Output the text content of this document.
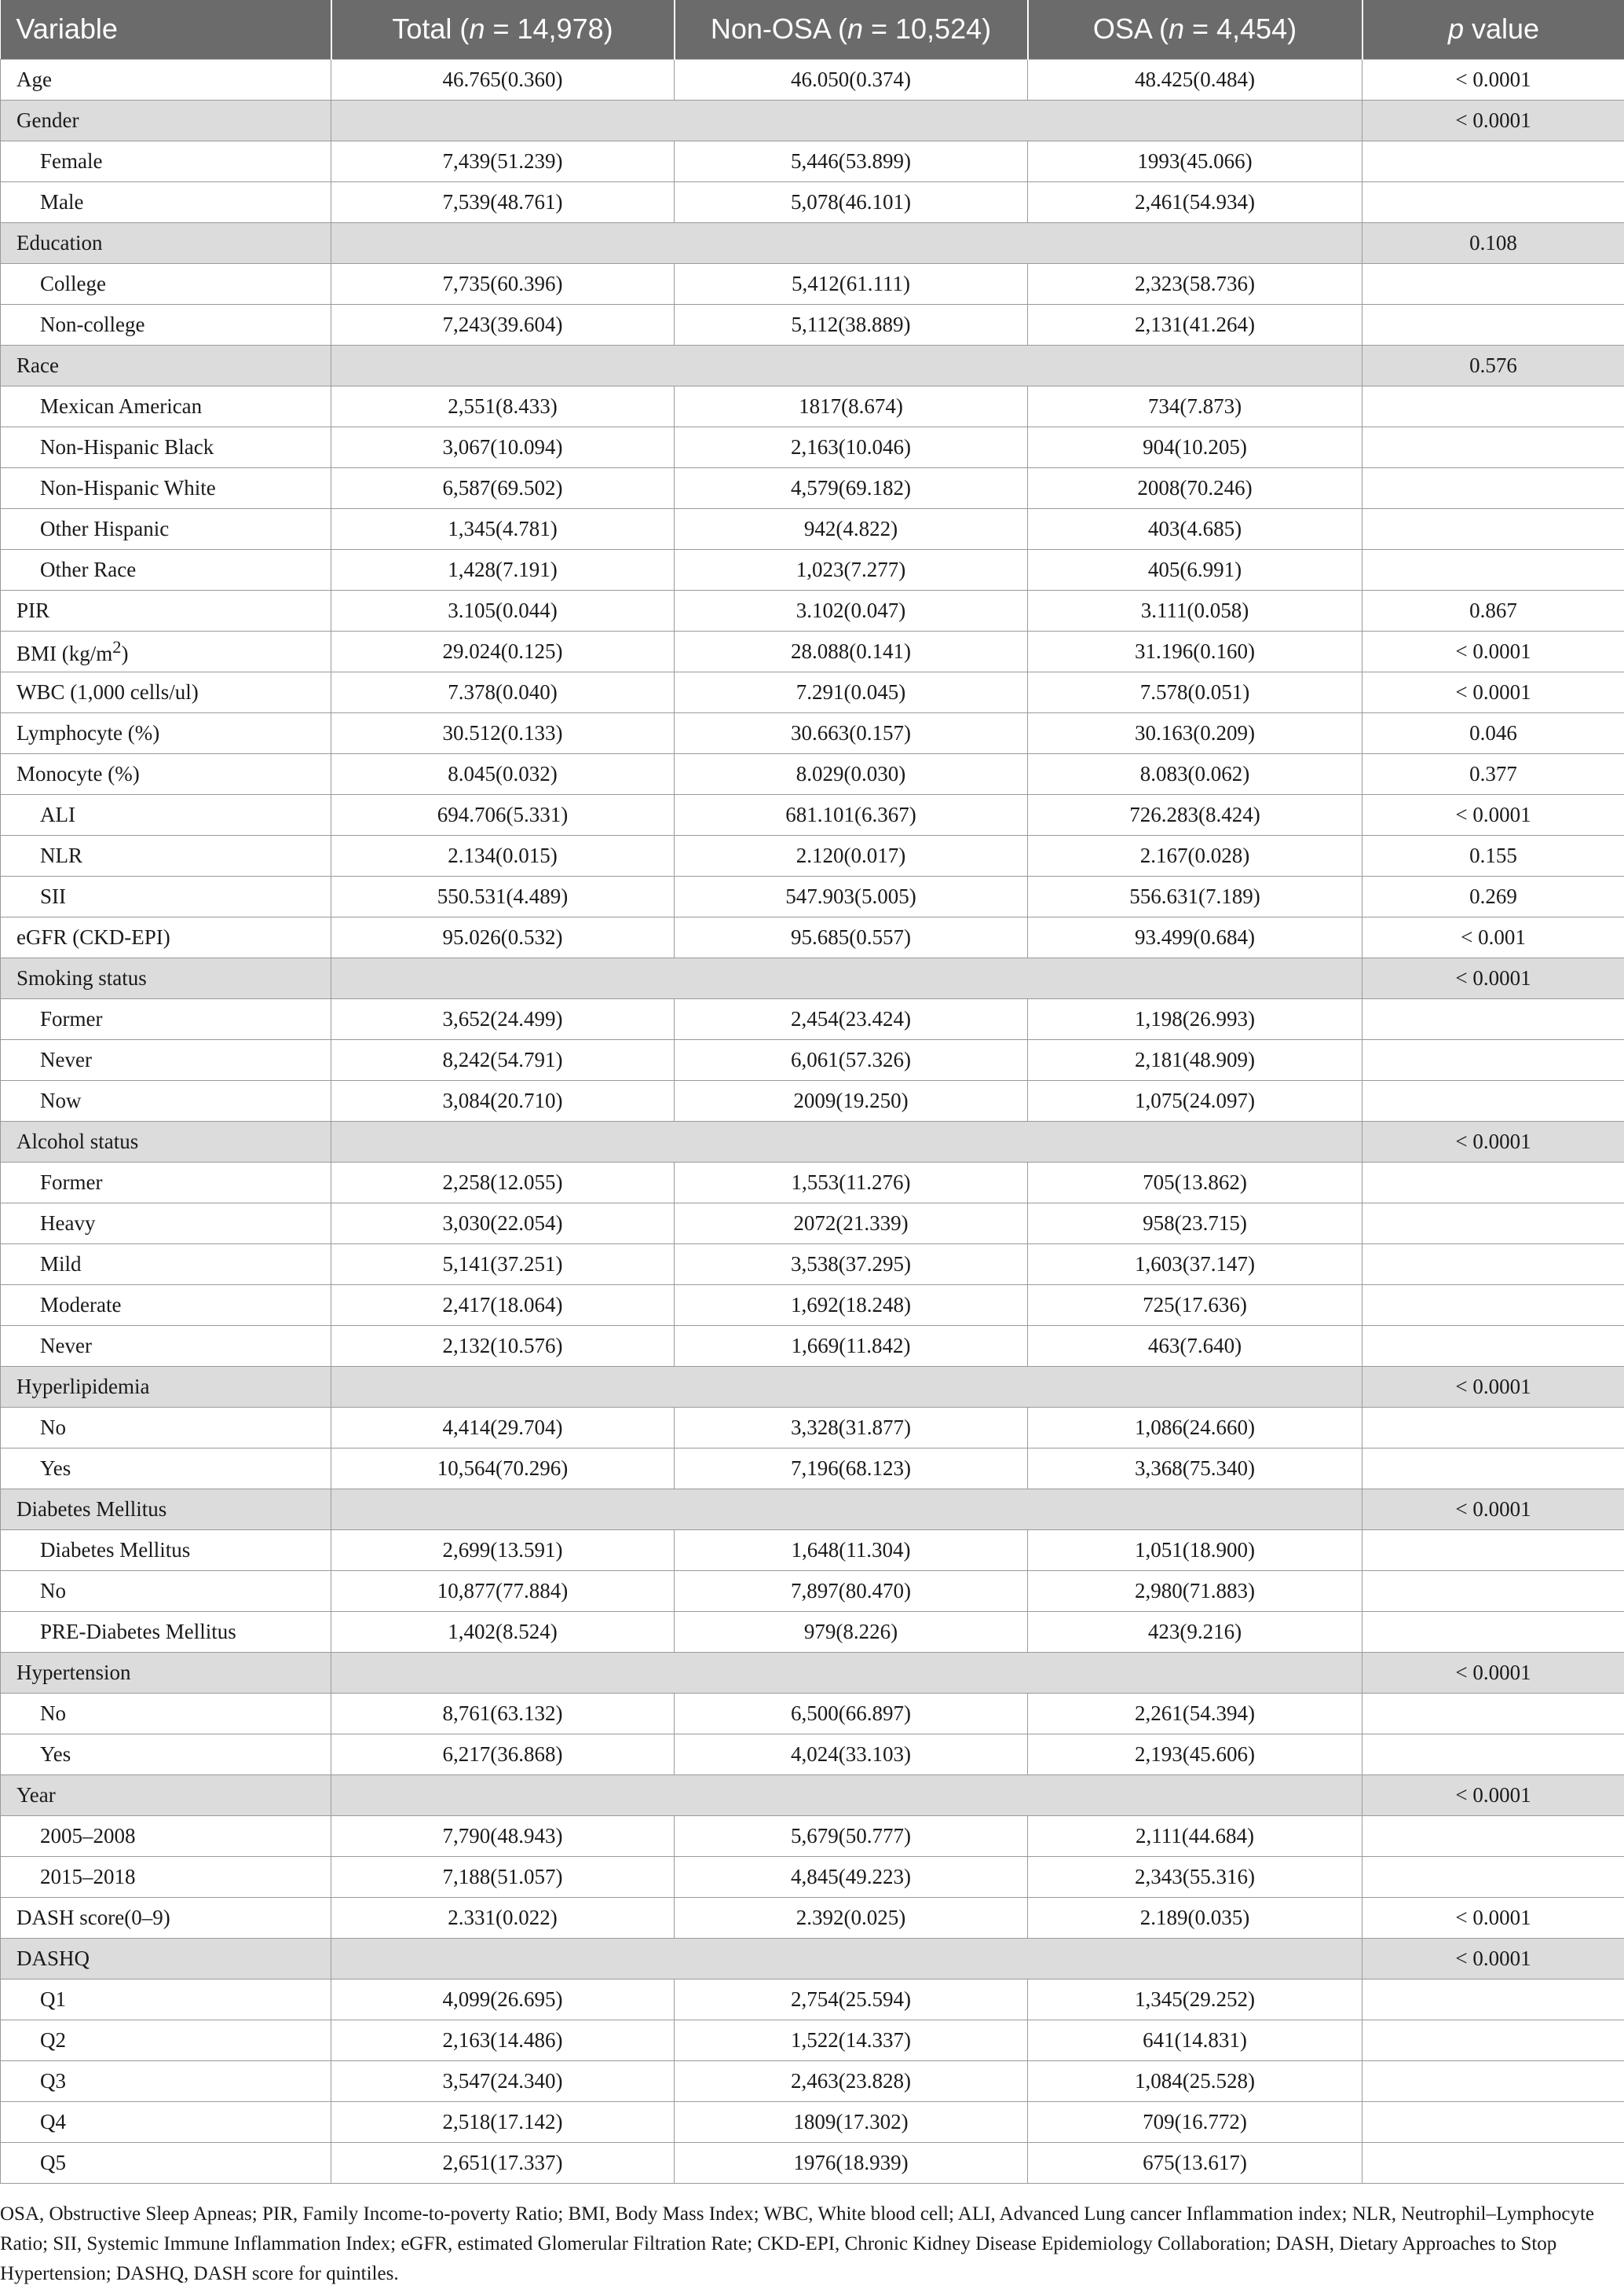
Variable	Total (n = 14,978)	Non-OSA (n = 10,524)	OSA (n = 4,454)	p value
Age	46.765(0.360)	46.050(0.374)	48.425(0.484)	< 0.0001
Gender				< 0.0001
Female	7,439(51.239)	5,446(53.899)	1993(45.066)	
Male	7,539(48.761)	5,078(46.101)	2,461(54.934)	
Education				0.108
College	7,735(60.396)	5,412(61.111)	2,323(58.736)	
Non-college	7,243(39.604)	5,112(38.889)	2,131(41.264)	
Race				0.576
Mexican American	2,551(8.433)	1817(8.674)	734(7.873)	
Non-Hispanic Black	3,067(10.094)	2,163(10.046)	904(10.205)	
Non-Hispanic White	6,587(69.502)	4,579(69.182)	2008(70.246)	
Other Hispanic	1,345(4.781)	942(4.822)	403(4.685)	
Other Race	1,428(7.191)	1,023(7.277)	405(6.991)	
PIR	3.105(0.044)	3.102(0.047)	3.111(0.058)	0.867
BMI $(kg/m^2)$	29.024(0.125)	28.088(0.141)	31.196(0.160)	< 0.0001
WBC (1,000 cells/ul)	7.378(0.040)	7.291(0.045)	7.578(0.051)	< 0.0001
Lymphocyte (%)	30.512(0.133)	30.663(0.157)	30.163(0.209)	0.046
Monocyte (%)	8.045(0.032)	8.029(0.030)	8.083(0.062)	0.377
ALI	694.706(5.331)	681.101(6.367)	726.283(8.424)	< 0.0001
NLR	2.134(0.015)	2.120(0.017)	2.167(0.028)	0.155
SII	550.531(4.489)	547.903(5.005)	556.631(7.189)	0.269
eGFR (CKD-EPI)	95.026(0.532)	95.685(0.557)	93.499(0.684)	< 0.001
Smoking status				< 0.0001
Former	3,652(24.499)	2,454(23.424)	1,198(26.993)	
Never	8,242(54.791)	6,061(57.326)	2,181(48.909)	
Now	3,084(20.710)	2009(19.250)	1,075(24.097)	
Alcohol status				< 0.0001
Former	2,258(12.055)	1,553(11.276)	705(13.862)	
Heavy	3,030(22.054)	2072(21.339)	958(23.715)	
Mild	5,141(37.251)	3,538(37.295)	1,603(37.147)	
Moderate	2,417(18.064)	1,692(18.248)	725(17.636)	
Never	2,132(10.576)	1,669(11.842)	463(7.640)	
Hyperlipidemia				< 0.0001
No	4,414(29.704)	3,328(31.877)	1,086(24.660)	
Yes	10,564(70.296)	7,196(68.123)	3,368(75.340)	
Diabetes Mellitus				< 0.0001
Diabetes Mellitus	2,699(13.591)	1,648(11.304)	1,051(18.900)	
No	10,877(77.884)	7,897(80.470)	2,980(71.883)	
PRE-Diabetes Mellitus	1,402(8.524)	979(8.226)	423(9.216)	
Hypertension				< 0.0001
No	8,761(63.132)	6,500(66.897)	2,261(54.394)	
Yes	6,217(36.868)	4,024(33.103)	2,193(45.606)	
Year				< 0.0001
2005–2008	7,790(48.943)	5,679(50.777)	2,111(44.684)	
2015–2018	7,188(51.057)	4,845(49.223)	2,343(55.316)	
DASH score(0–9)	2.331(0.022)	2.392(0.025)	2.189(0.035)	< 0.0001
DASHQ				< 0.0001
Q1	4,099(26.695)	2,754(25.594)	1,345(29.252)	
Q2	2,163(14.486)	1,522(14.337)	641(14.831)	
Q3	3,547(24.340)	2,463(23.828)	1,084(25.528)	
Q4	2,518(17.142)	1809(17.302)	709(16.772)	
Q5	2,651(17.337)	1976(18.939)	675(13.617)	
OSA, Obstructive Sleep Apneas; PIR, Family Income-to-poverty Ratio; BMI, Body Mass Index; WBC, White blood cell; ALI, Advanced Lung cancer Inflammation index; NLR, Neutrophil–Lymphocyte Ratio; SII, Systemic Immune Inflammation Index; eGFR, estimated Glomerular Filtration Rate; CKD-EPI, Chronic Kidney Disease Epidemiology Collaboration; DASH, Dietary Approaches to Stop Hypertension; DASHQ, DASH score for quintiles.
